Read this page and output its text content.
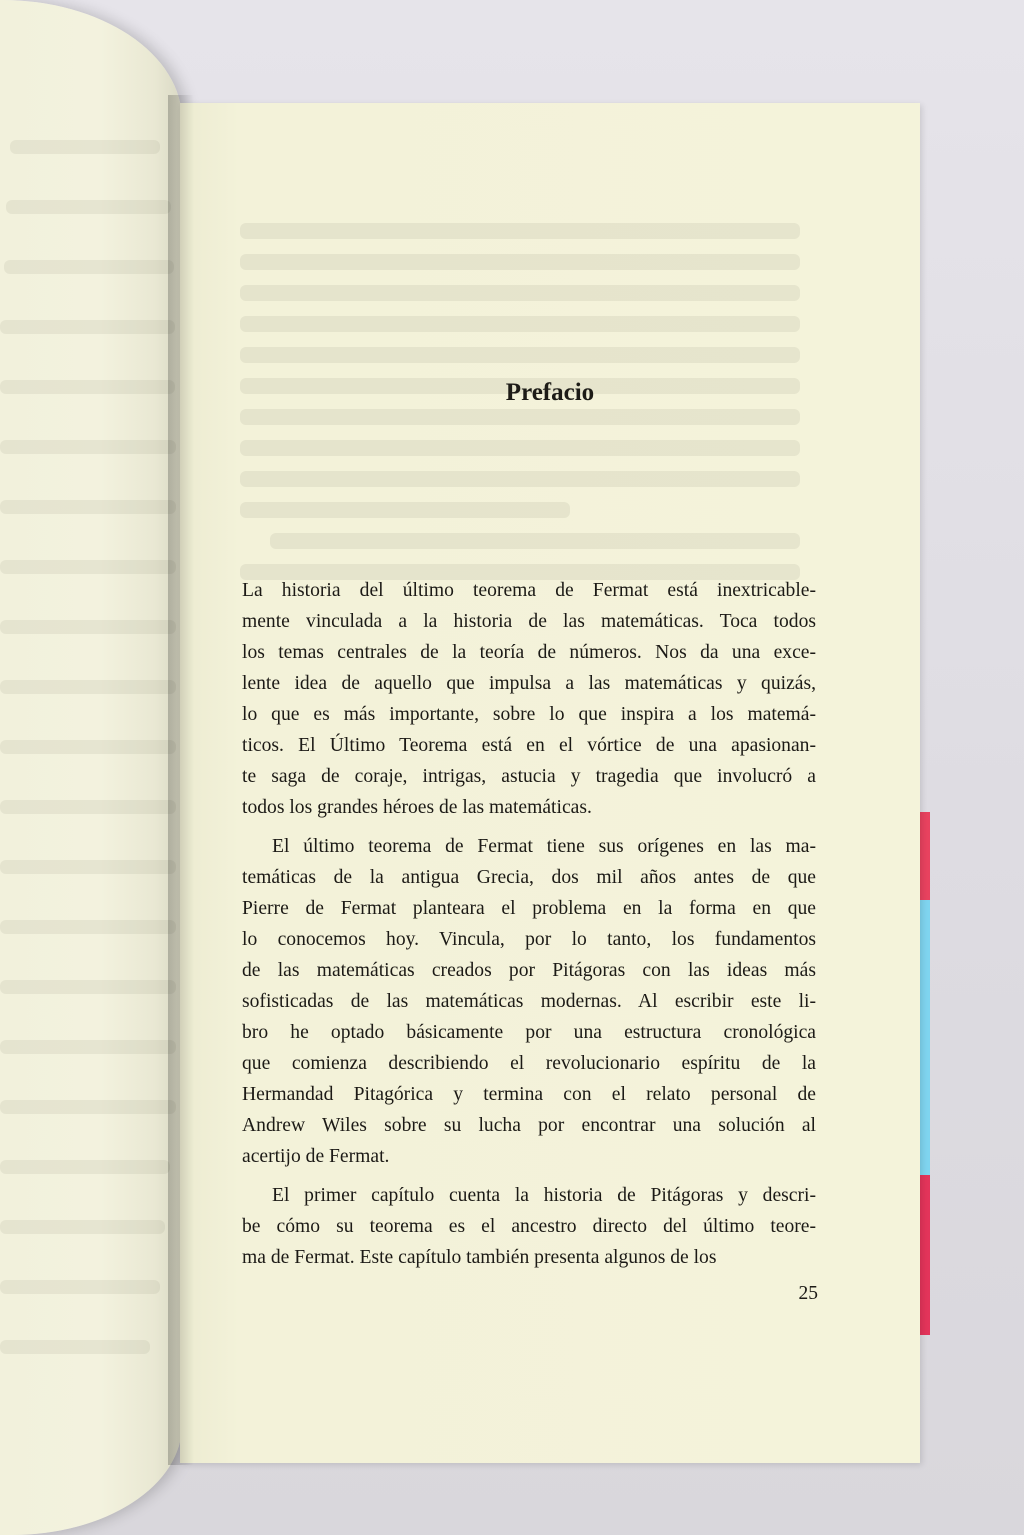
Prefacio
La historia del último teorema de Fermat está inextricable-
mente vinculada a la historia de las matemáticas. Toca todos
los temas centrales de la teoría de números. Nos da una exce-
lente idea de aquello que impulsa a las matemáticas y quizás,
lo que es más importante, sobre lo que inspira a los matemá-
ticos. El Último Teorema está en el vórtice de una apasionan-
te saga de coraje, intrigas, astucia y tragedia que involucró a
todos los grandes héroes de las matemáticas.
El último teorema de Fermat tiene sus orígenes en las ma-
temáticas de la antigua Grecia, dos mil años antes de que
Pierre de Fermat planteara el problema en la forma en que
lo conocemos hoy. Vincula, por lo tanto, los fundamentos
de las matemáticas creados por Pitágoras con las ideas más
sofisticadas de las matemáticas modernas. Al escribir este li-
bro he optado básicamente por una estructura cronológica
que comienza describiendo el revolucionario espíritu de la
Hermandad Pitagórica y termina con el relato personal de
Andrew Wiles sobre su lucha por encontrar una solución al
acertijo de Fermat.
El primer capítulo cuenta la historia de Pitágoras y descri-
be cómo su teorema es el ancestro directo del último teore-
ma de Fermat. Este capítulo también presenta algunos de los
25
